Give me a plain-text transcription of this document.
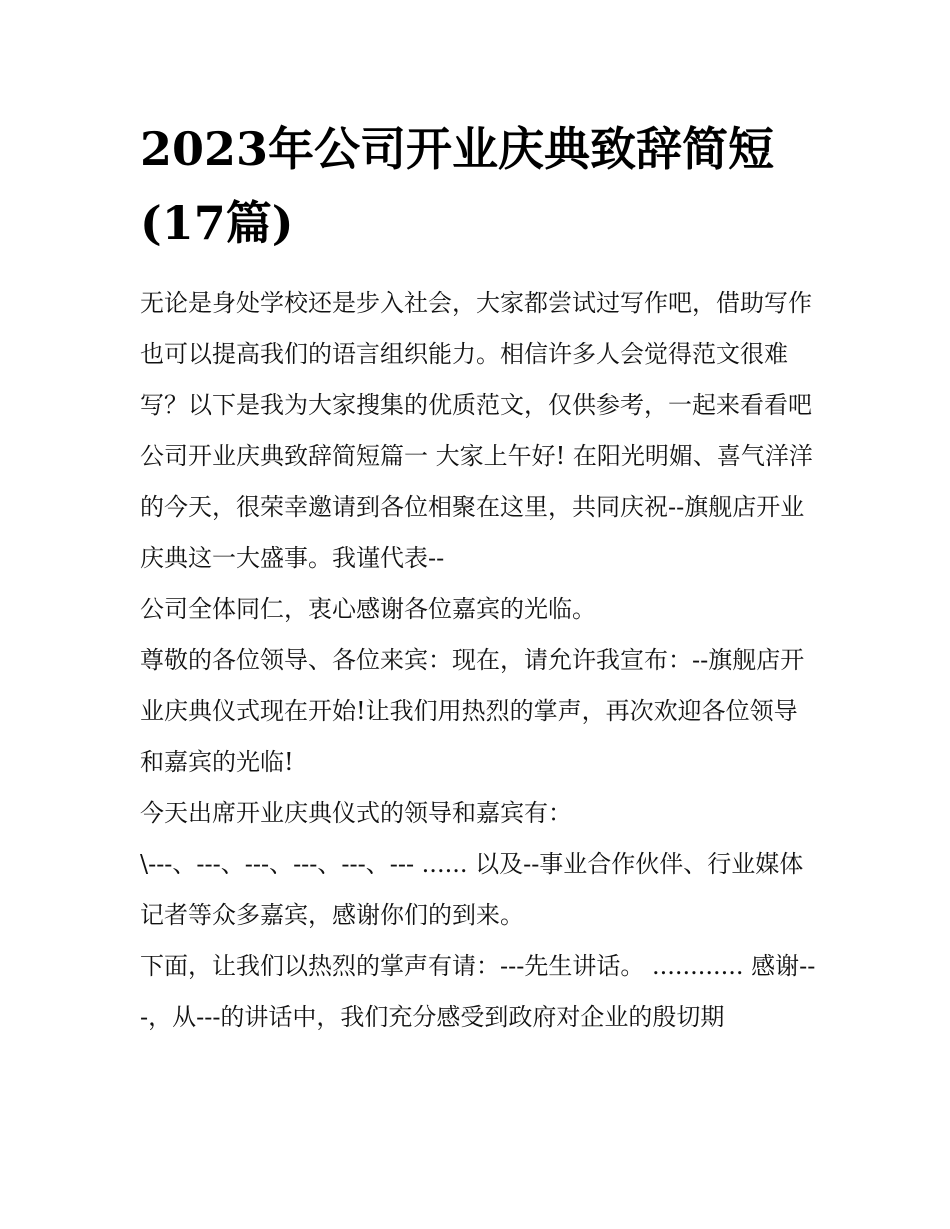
2023年公司开业庆典致辞简短(17篇)

无论是身处学校还是步入社会，大家都尝试过写作吧，借助写作也可以提高我们的语言组织能力。相信许多人会觉得范文很难写？以下是我为大家搜集的优质范文，仅供参考，一起来看看吧

公司开业庆典致辞简短篇一 大家上午好! 在阳光明媚、喜气洋洋的今天，很荣幸邀请到各位相聚在这里，共同庆祝--旗舰店开业庆典这一大盛事。我谨代表--

公司全体同仁，衷心感谢各位嘉宾的光临。

尊敬的各位领导、各位来宾：现在，请允许我宣布：--旗舰店开业庆典仪式现在开始!让我们用热烈的掌声，再次欢迎各位领导和嘉宾的光临!

今天出席开业庆典仪式的领导和嘉宾有：

\---、---、---、---、---、--- ...... 以及--事业合作伙伴、行业媒体记者等众多嘉宾，感谢你们的到来。

下面，让我们以热烈的掌声有请：---先生讲话。 ............ 感谢---，从---的讲话中，我们充分感受到政府对企业的殷切期
